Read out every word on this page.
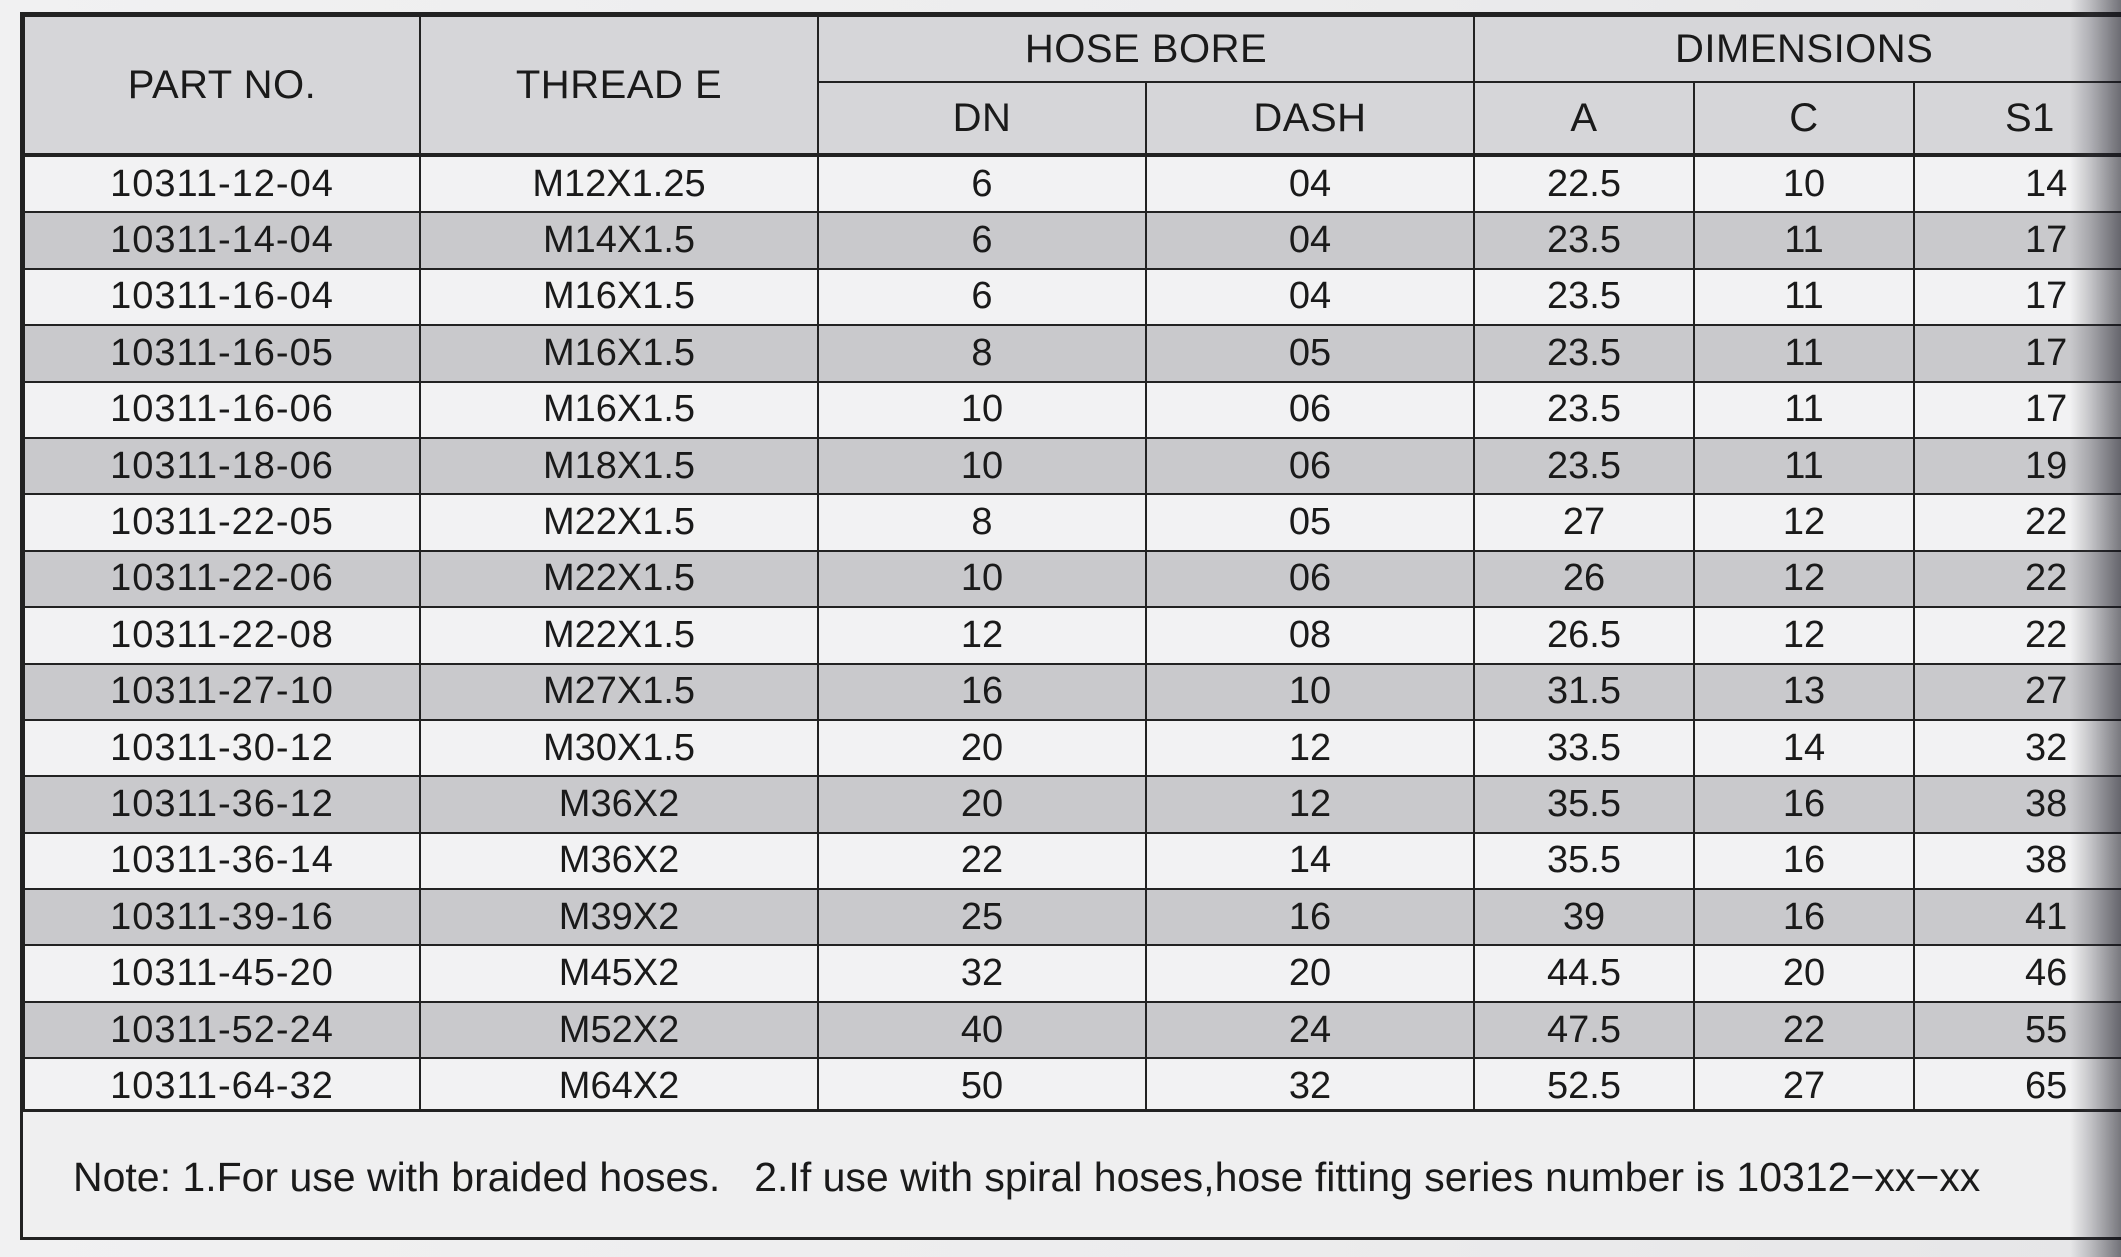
PART NO.	THREAD E	HOSE BORE		DIMENSIONS		
		DN	DASH	A	C	S1
10311-12-04	M12X1.25	6	04	22.5	10	14
10311-14-04	M14X1.5	6	04	23.5	11	17
10311-16-04	M16X1.5	6	04	23.5	11	17
10311-16-05	M16X1.5	8	05	23.5	11	17
10311-16-06	M16X1.5	10	06	23.5	11	17
10311-18-06	M18X1.5	10	06	23.5	11	19
10311-22-05	M22X1.5	8	05	27	12	22
10311-22-06	M22X1.5	10	06	26	12	22
10311-22-08	M22X1.5	12	08	26.5	12	22
10311-27-10	M27X1.5	16	10	31.5	13	27
10311-30-12	M30X1.5	20	12	33.5	14	32
10311-36-12	M36X2	20	12	35.5	16	38
10311-36-14	M36X2	22	14	35.5	16	38
10311-39-16	M39X2	25	16	39	16	41
10311-45-20	M45X2	32	20	44.5	20	46
10311-52-24	M52X2	40	24	47.5	22	55
10311-64-32	M64X2	50	32	52.5	27	65
Note: 1.For use with braided hoses. 2.If use with spiral hoses,hose fitting series number is 10312−xx−xx
